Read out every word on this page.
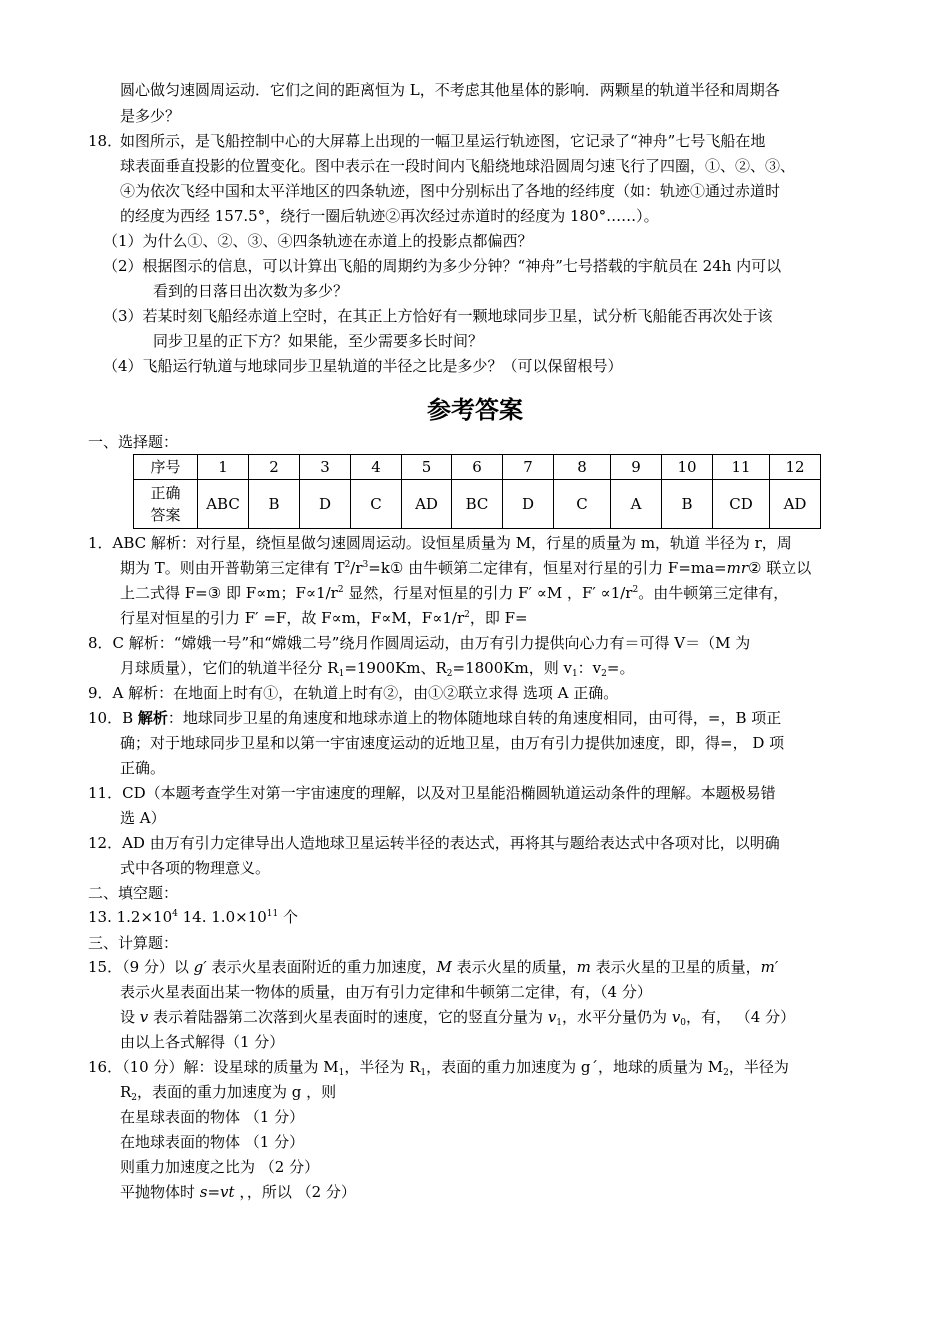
圆心做匀速圆周运动．它们之间的距离恒为 L，不考虑其他星体的影响．两颗星的轨道半径和周期各
是多少？
18．
如图所示，是飞船控制中心的大屏幕上出现的一幅卫星运行轨迹图，它记录了“神舟”七号飞船在地
球表面垂直投影的位置变化。图中表示在一段时间内飞船绕地球沿圆周匀速飞行了四圈，①、②、③、
④为依次飞经中国和太平洋地区的四条轨迹，图中分别标出了各地的经纬度（如：轨迹①通过赤道时
的经度为西经 157.5°，绕行一圈后轨迹②再次经过赤道时的经度为 180°……）。
（1）为什么①、②、③、④四条轨迹在赤道上的投影点都偏西？
（2）根据图示的信息，可以计算出飞船的周期约为多少分钟？“神舟”七号搭载的宇航员在 24h 内可以
看到的日落日出次数为多少？
（3）若某时刻飞船经赤道上空时，在其正上方恰好有一颗地球同步卫星，试分析飞船能否再次处于该
同步卫星的正下方？如果能，至少需要多长时间？
（4）飞船运行轨道与地球同步卫星轨道的半径之比是多少？（可以保留根号）
参考答案
一、选择题：
序号	1	2	3	4	5	6	7	8	9	10	11	12

正确
答案	ABC	B	D	C	AD	BC	D	C	A	B	CD	AD
1．ABC 解析：对行星，绕恒星做匀速圆周运动。设恒星质量为 M，行星的质量为 m，轨道 半径为 r，周
期为 T。则由开普勒第三定律有 $T^2/r^3=k①$ 由牛顿第二定律有，恒星对行星的引力 F=ma=mr② 联立以
上二式得 F=③ 即 F∝m；$F\propto 1/r^2$ 显然，行星对恒星的引力 F′ ∝M ，$F' \propto 1/r^2$。由牛顿第三定律有，
行星对恒星的引力 F′ =F，故 F∝m，F∝M，$F\propto 1/r^2$，即 F=
8．C 解析：“嫦娥一号”和“嫦娥二号”绕月作圆周运动，由万有引力提供向心力有＝可得 V＝（M 为
月球质量），它们的轨道半径分 $R_1=1900Km$、$R_2=1800Km$，则 $v_1$：$v_2=$。
9．A 解析：在地面上时有①，在轨道上时有②，由①②联立求得 选项 A 正确。
10．B 解析：地球同步卫星的角速度和地球赤道上的物体随地球自转的角速度相同，由可得，=，B 项正
确；对于地球同步卫星和以第一宇宙速度运动的近地卫星，由万有引力提供加速度，即，得=， D 项
正确。
11．CD（本题考查学生对第一宇宙速度的理解，以及对卫星能沿椭圆轨道运动条件的理解。本题极易错
选 A）
12．AD 由万有引力定律导出人造地球卫星运转半径的表达式，再将其与题给表达式中各项对比，以明确
式中各项的物理意义。
二、填空题：
13. $1.2\times 10^4$ 14. $1.0\times 10^{11}$ 个
三、计算题：
15．（9 分）以 g′ 表示火星表面附近的重力加速度，M 表示火星的质量，m 表示火星的卫星的质量，m′
表示火星表面出某一物体的质量，由万有引力定律和牛顿第二定律，有，（4 分）
设 v 表示着陆器第二次落到火星表面时的速度，它的竖直分量为 $v_1$，水平分量仍为 $v_0$，有， （4 分）
由以上各式解得（1 分）
16．（10 分）解：设星球的质量为 $M_1$，半径为 $R_1$，表面的重力加速度为 g´，地球的质量为 $M_2$，半径为
$R_2$，表面的重力加速度为 g ，则
在星球表面的物体 （1 分）
在地球表面的物体 （1 分）
则重力加速度之比为 （2 分）
平抛物体时 s=vt ，，所以 （2 分）
